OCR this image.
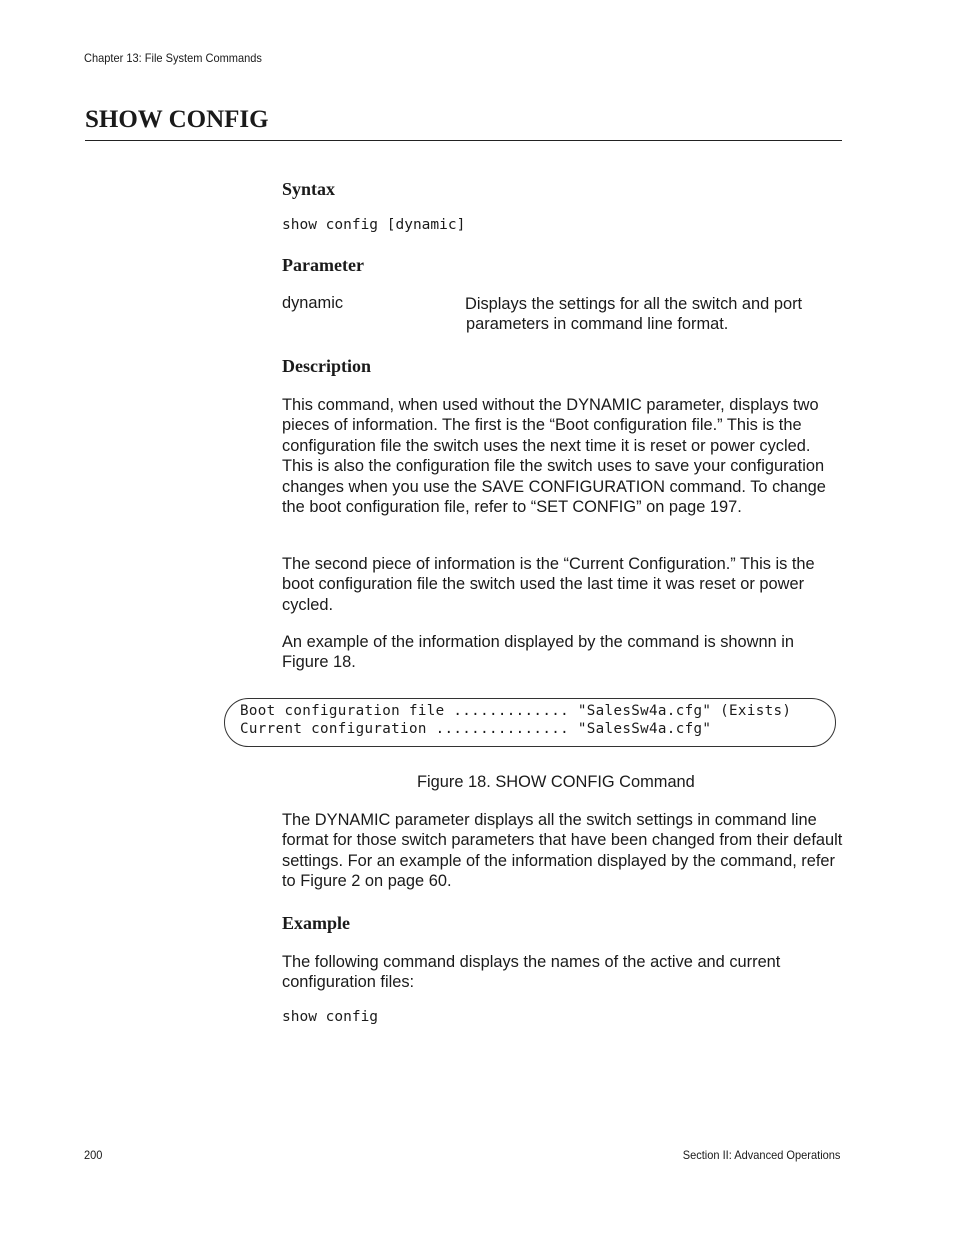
Chapter 13: File System Commands
SHOW CONFIG
Syntax
show config [dynamic]
Parameter
dynamic	Displays the settings for all the switch and port parameters in command line format.

Description

This command, when used without the DYNAMIC parameter, displays two pieces of information. The first is the “Boot configuration file.” This is the configuration file the switch uses the next time it is reset or power cycled. This is also the configuration file the switch uses to save your configuration changes when you use the SAVE CONFIGURATION command. To change the boot configuration file, refer to “SET CONFIG” on page 197.

The second piece of information is the “Current Configuration.” This is the boot configuration file the switch used the last time it was reset or power cycled.

An example of the information displayed by the command is shownn in Figure 18.

Boot configuration file ............. "SalesSw4a.cfg" (Exists)
Current configuration ............... "SalesSw4a.cfg"
Figure 18. SHOW CONFIG Command

The DYNAMIC parameter displays all the switch settings in command line format for those switch parameters that have been changed from their default settings. For an example of the information displayed by the command, refer to Figure 2 on page 60.

Example

The following command displays the names of the active and current configuration files:

show config
200	Section II: Advanced Operations
